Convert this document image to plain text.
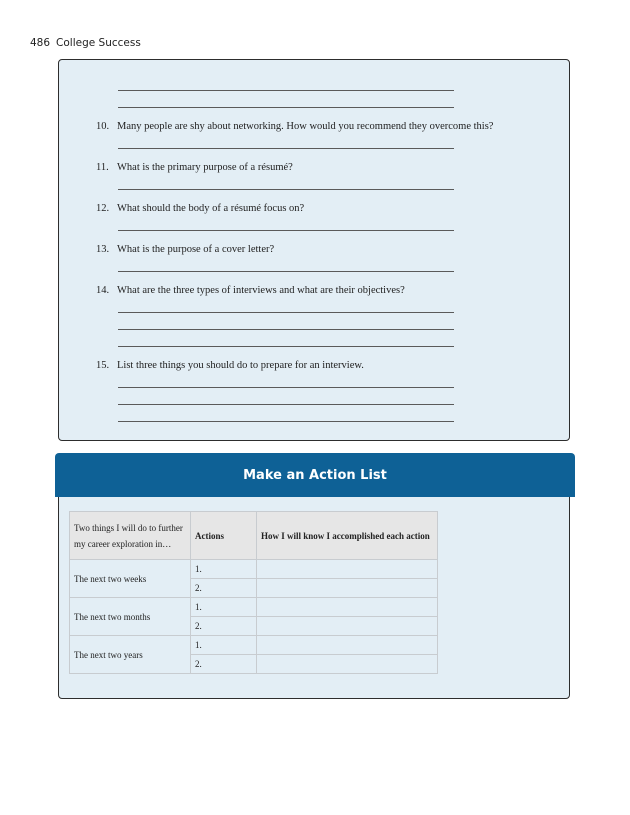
486 College Success
10. Many people are shy about networking. How would you recommend they overcome this?
11. What is the primary purpose of a résumé?
12. What should the body of a résumé focus on?
13. What is the purpose of a cover letter?
14. What are the three types of interviews and what are their objectives?
15. List three things you should do to prepare for an interview.
Make an Action List
Two things I will do to further my career exploration in…	Actions	How I will know I accomplished each action
The next two weeks	1.	
	2.	
The next two months	1.	
	2.	
The next two years	1.	
	2.	
